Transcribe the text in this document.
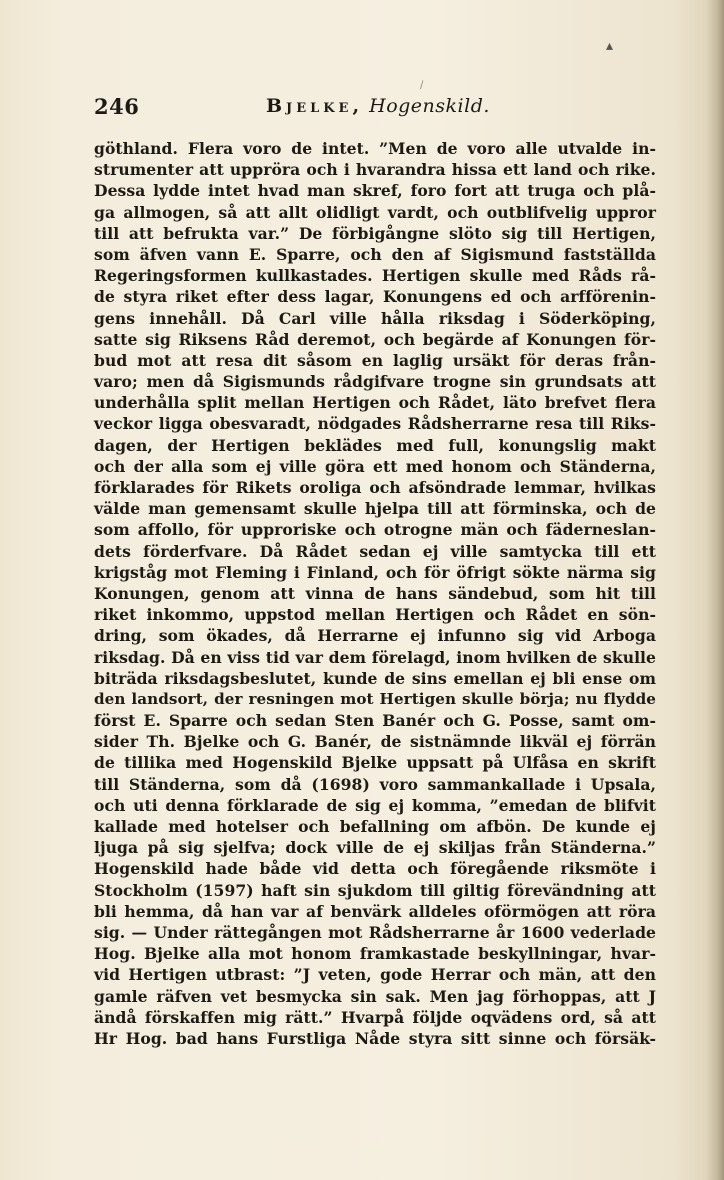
▴
/
246	Bjelke, Hogenskild.
göthland. Flera voro de intet. ”Men de voro alle utvalde in-
strumenter att uppröra och i hvarandra hissa ett land och rike.
Dessa lydde intet hvad man skref, foro fort att truga och plå-
ga allmogen, så att allt olidligt vardt, och outblifvelig uppror
till att befrukta var.” De förbigångne slöto sig till Hertigen,
som äfven vann E. Sparre, och den af Sigismund fastställda
Regeringsformen kullkastades. Hertigen skulle med Råds rå-
de styra riket efter dess lagar, Konungens ed och arfförenin-
gens innehåll. Då Carl ville hålla riksdag i Söderköping,
satte sig Riksens Råd deremot, och begärde af Konungen för-
bud mot att resa dit såsom en laglig ursäkt för deras från-
varo; men då Sigismunds rådgifvare trogne sin grundsats att
underhålla split mellan Hertigen och Rådet, läto brefvet flera
veckor ligga obesvaradt, nödgades Rådsherrarne resa till Riks-
dagen, der Hertigen beklädes med full, konungslig makt
och der alla som ej ville göra ett med honom och Ständerna,
förklarades för Rikets oroliga och afsöndrade lemmar, hvilkas
välde man gemensamt skulle hjelpa till att förminska, och de
som affollo, för upproriske och otrogne män och fäderneslan-
dets förderfvare. Då Rådet sedan ej ville samtycka till ett
krigståg mot Fleming i Finland, och för öfrigt sökte närma sig
Konungen, genom att vinna de hans sändebud, som hit till
riket inkommo, uppstod mellan Hertigen och Rådet en sön-
dring, som ökades, då Herrarne ej infunno sig vid Arboga
riksdag. Då en viss tid var dem förelagd, inom hvilken de skulle
biträda riksdagsbeslutet, kunde de sins emellan ej bli ense om
den landsort, der resningen mot Hertigen skulle börja; nu flydde
först E. Sparre och sedan Sten Banér och G. Posse, samt om-
sider Th. Bjelke och G. Banér, de sistnämnde likväl ej förrän
de tillika med Hogenskild Bjelke uppsatt på Ulfåsa en skrift
till Ständerna, som då (1698) voro sammankallade i Upsala,
och uti denna förklarade de sig ej komma, ”emedan de blifvit
kallade med hotelser och befallning om afbön. De kunde ej
ljuga på sig sjelfva; dock ville de ej skiljas från Ständerna.”
Hogenskild hade både vid detta och föregående riksmöte i
Stockholm (1597) haft sin sjukdom till giltig förevändning att
bli hemma, då han var af benvärk alldeles oförmögen att röra
sig. — Under rättegången mot Rådsherrarne år 1600 vederlade
Hog. Bjelke alla mot honom framkastade beskyllningar, hvar-
vid Hertigen utbrast: ”J veten, gode Herrar och män, att den
gamle räfven vet besmycka sin sak. Men jag förhoppas, att J
ändå förskaffen mig rätt.” Hvarpå följde oqvädens ord, så att
Hr Hog. bad hans Furstliga Nåde styra sitt sinne och försäk-
